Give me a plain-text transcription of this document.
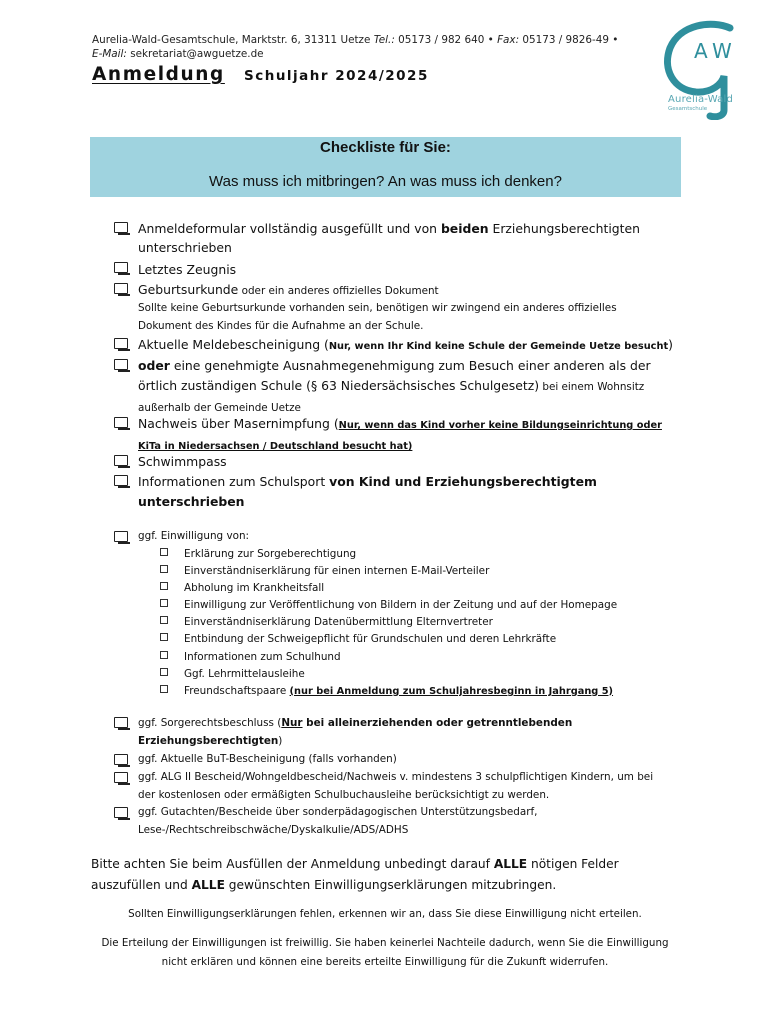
Aurelia-Wald-Gesamtschule, Marktstr. 6, 31311 Uetze Tel.: 05173 / 982 640 • Fax: 05173 / 9826-49 •
E-Mail: sekretariat@awguetze.de
Anmeldung Schuljahr 2024/2025
A W
Aurelia-Wald
Gesamtschule
Checkliste für Sie:
Was muss ich mitbringen? An was muss ich denken?
Anmeldeformular vollständig ausgefüllt und von beiden Erziehungsberechtigten unterschrieben
Letztes Zeugnis
Geburtsurkunde oder ein anderes offizielles Dokument
Sollte keine Geburtsurkunde vorhanden sein, benötigen wir zwingend ein anderes offizielles Dokument des Kindes für die Aufnahme an der Schule.
Aktuelle Meldebescheinigung (Nur, wenn Ihr Kind keine Schule der Gemeinde Uetze besucht)
oder eine genehmigte Ausnahmegenehmigung zum Besuch einer anderen als der örtlich zuständigen Schule (§ 63 Niedersächsisches Schulgesetz) bei einem Wohnsitz außerhalb der Gemeinde Uetze
Nachweis über Masernimpfung (Nur, wenn das Kind vorher keine Bildungseinrichtung oder KiTa in Niedersachsen / Deutschland besucht hat)
Schwimmpass
Informationen zum Schulsport von Kind und Erziehungsberechtigtem unterschrieben
ggf. Einwilligung von:
Erklärung zur Sorgeberechtigung
Einverständniserklärung für einen internen E-Mail-Verteiler
Abholung im Krankheitsfall
Einwilligung zur Veröffentlichung von Bildern in der Zeitung und auf der Homepage
Einverständniserklärung Datenübermittlung Elternvertreter
Entbindung der Schweigepflicht für Grundschulen und deren Lehrkräfte
Informationen zum Schulhund
Ggf. Lehrmittelausleihe
Freundschaftspaare (nur bei Anmeldung zum Schuljahresbeginn in Jahrgang 5)
ggf. Sorgerechtsbeschluss (Nur bei alleinerziehenden oder getrenntlebenden Erziehungsberechtigten)
ggf. Aktuelle BuT-Bescheinigung (falls vorhanden)
ggf. ALG II Bescheid/Wohngeldbescheid/Nachweis v. mindestens 3 schulpflichtigen Kindern, um bei der kostenlosen oder ermäßigten Schulbuchausleihe berücksichtigt zu werden.
ggf. Gutachten/Bescheide über sonderpädagogischen Unterstützungsbedarf, Lese-/Rechtschreibschwäche/Dyskalkulie/ADS/ADHS
Bitte achten Sie beim Ausfüllen der Anmeldung unbedingt darauf ALLE nötigen Felder auszufüllen und ALLE gewünschten Einwilligungserklärungen mitzubringen.
Sollten Einwilligungserklärungen fehlen, erkennen wir an, dass Sie diese Einwilligung nicht erteilen.
Die Erteilung der Einwilligungen ist freiwillig. Sie haben keinerlei Nachteile dadurch, wenn Sie die Einwilligung nicht erklären und können eine bereits erteilte Einwilligung für die Zukunft widerrufen.
